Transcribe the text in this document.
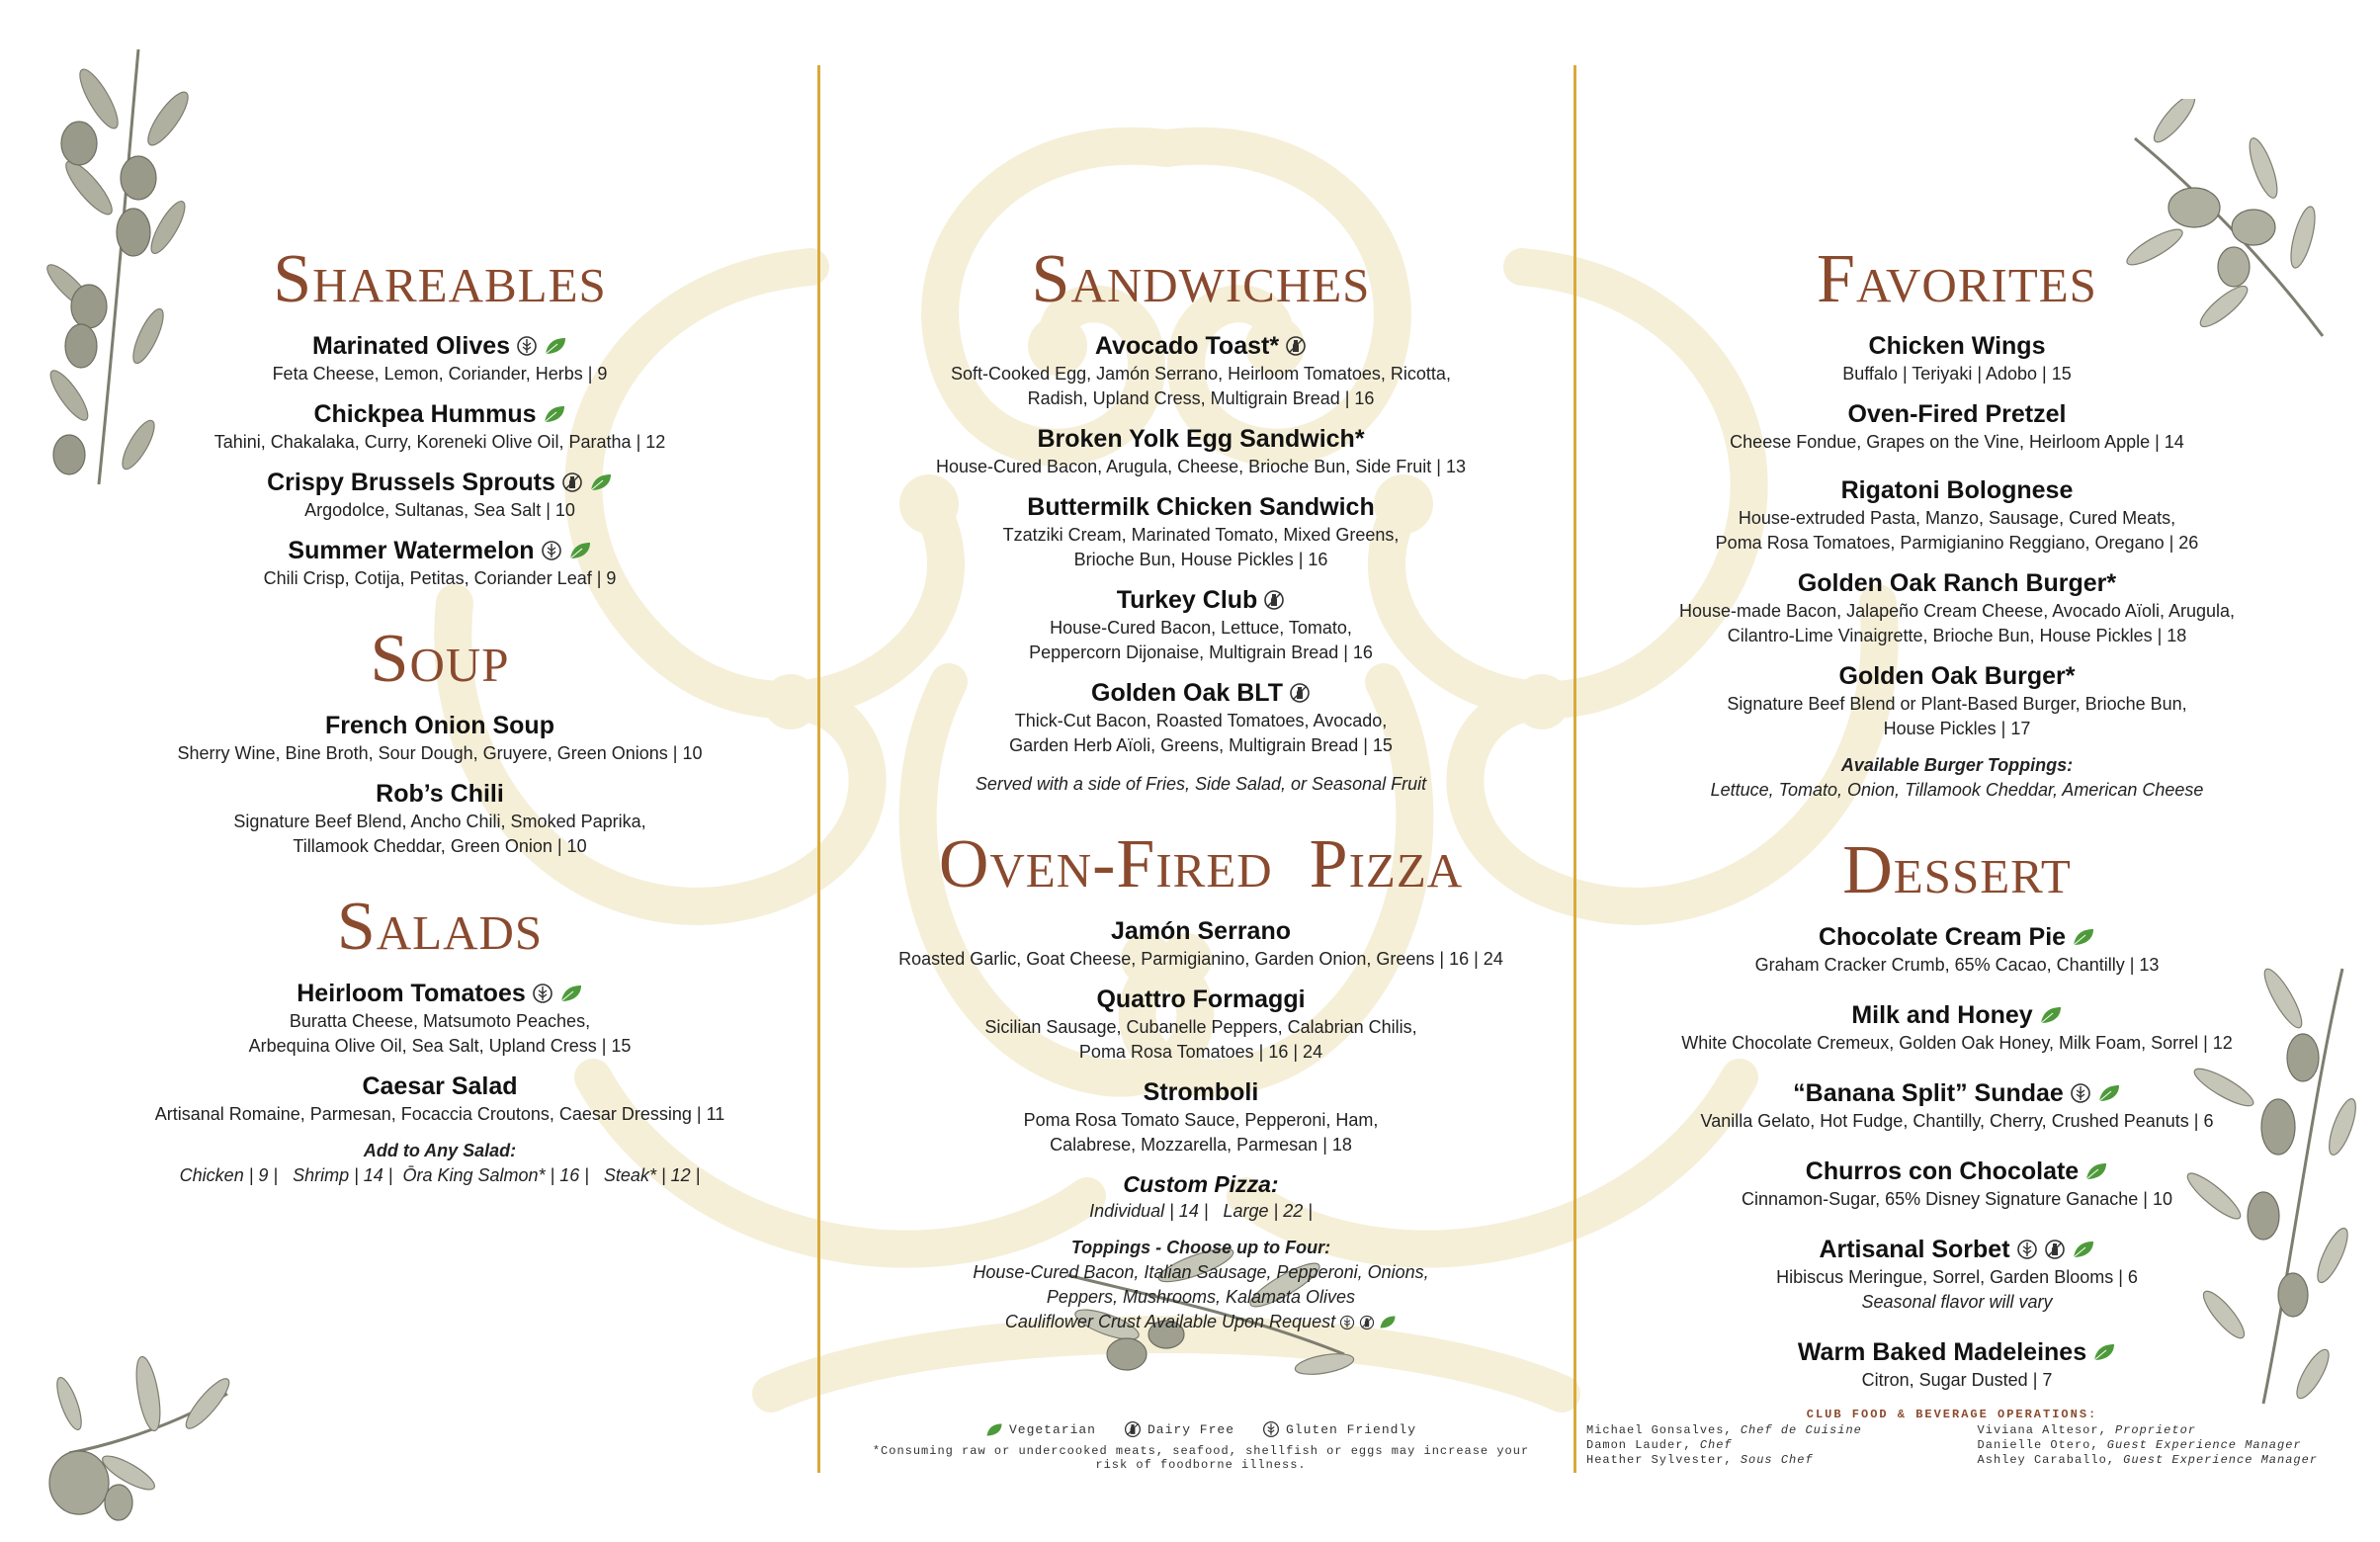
Shareables
Marinated Olives
Feta Cheese, Lemon, Coriander, Herbs | 9
Chickpea Hummus
Tahini, Chakalaka, Curry, Koreneki Olive Oil, Paratha | 12
Crispy Brussels Sprouts
Argodolce, Sultanas, Sea Salt | 10
Summer Watermelon
Chili Crisp, Cotija, Petitas, Coriander Leaf | 9
Soup
French Onion Soup
Sherry Wine, Bine Broth, Sour Dough, Gruyere, Green Onions | 10
Rob’s Chili
Signature Beef Blend, Ancho Chili, Smoked Paprika,
Tillamook Cheddar, Green Onion | 10
Salads
Heirloom Tomatoes
Buratta Cheese, Matsumoto Peaches,
Arbequina Olive Oil, Sea Salt, Upland Cress | 15
Caesar Salad
Artisanal Romaine, Parmesan, Focaccia Croutons, Caesar Dressing | 11
Add to Any Salad:
Chicken | 9 |   Shrimp | 14 |  Ōra King Salmon* | 16 |   Steak* | 12 |
Sandwiches
Avocado Toast*
Soft-Cooked Egg, Jamón Serrano, Heirloom Tomatoes, Ricotta,
Radish, Upland Cress, Multigrain Bread | 16
Broken Yolk Egg Sandwich*
House-Cured Bacon, Arugula, Cheese, Brioche Bun, Side Fruit | 13
Buttermilk Chicken Sandwich
Tzatziki Cream, Marinated Tomato, Mixed Greens,
Brioche Bun, House Pickles | 16
Turkey Club
House-Cured Bacon, Lettuce, Tomato,
Peppercorn Dijonaise, Multigrain Bread | 16
Golden Oak BLT
Thick-Cut Bacon, Roasted Tomatoes, Avocado,
Garden Herb Aïoli, Greens, Multigrain Bread | 15
Served with a side of Fries, Side Salad, or Seasonal Fruit
Oven-Fired  Pizza
Jamón Serrano
Roasted Garlic, Goat Cheese, Parmigianino, Garden Onion, Greens | 16 | 24
Quattro Formaggi
Sicilian Sausage, Cubanelle Peppers, Calabrian Chilis,
Poma Rosa Tomatoes | 16 | 24
Stromboli
Poma Rosa Tomato Sauce, Pepperoni, Ham,
Calabrese, Mozzarella, Parmesan | 18
Custom Pizza:
Individual | 14 |   Large | 22 |
Toppings - Choose up to Four:
House-Cured Bacon, Italian Sausage, Pepperoni, Onions,
Peppers, Mushrooms, Kalamata Olives
Cauliflower Crust Available Upon Request
Favorites
Chicken Wings
Buffalo | Teriyaki | Adobo | 15
Oven-Fired Pretzel
Cheese Fondue, Grapes on the Vine, Heirloom Apple | 14
Rigatoni Bolognese
House-extruded Pasta, Manzo, Sausage, Cured Meats,
Poma Rosa Tomatoes, Parmigianino Reggiano, Oregano | 26
Golden Oak Ranch Burger*
House-made Bacon, Jalapeño Cream Cheese, Avocado Aïoli, Arugula,
Cilantro-Lime Vinaigrette, Brioche Bun, House Pickles | 18
Golden Oak Burger*
Signature Beef Blend or Plant-Based Burger, Brioche Bun,
House Pickles | 17
Available Burger Toppings:
Lettuce, Tomato, Onion, Tillamook Cheddar, American Cheese
Dessert
Chocolate Cream Pie
Graham Cracker Crumb, 65% Cacao, Chantilly | 13
Milk and Honey
White Chocolate Cremeux, Golden Oak Honey, Milk Foam, Sorrel | 12
“Banana Split” Sundae
Vanilla Gelato, Hot Fudge, Chantilly, Cherry, Crushed Peanuts | 6
Churros con Chocolate
Cinnamon-Sugar, 65% Disney Signature Ganache | 10
Artisanal Sorbet
Hibiscus Meringue, Sorrel, Garden Blooms | 6
Seasonal flavor will vary
Warm Baked Madeleines
Citron, Sugar Dusted | 7
Vegetarian	Dairy Free	Gluten Friendly
*Consuming raw or undercooked meats, seafood, shellfish or eggs may increase your
risk of foodborne illness.
CLUB FOOD & BEVERAGE OPERATIONS:
Michael Gonsalves, Chef de Cuisine
Damon Lauder, Chef
Heather Sylvester, Sous Chef
Viviana Altesor, Proprietor
Danielle Otero, Guest Experience Manager
Ashley Caraballo, Guest Experience Manager
